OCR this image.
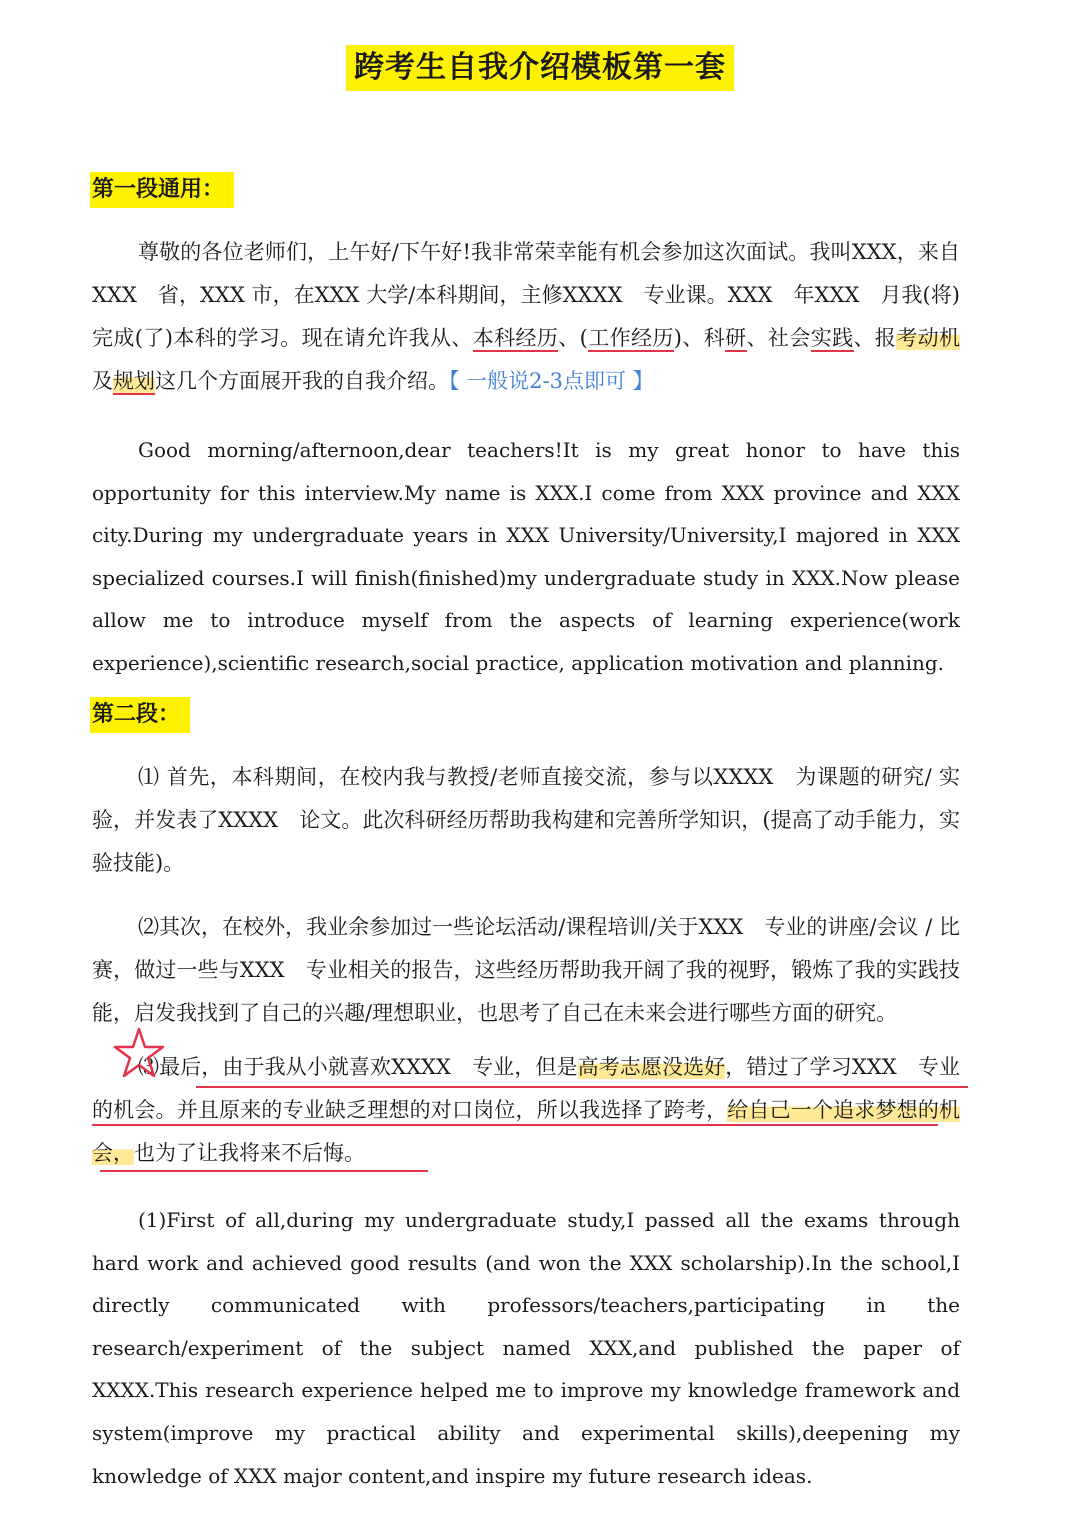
跨考生自我介绍模板第一套
第一段通用：
尊敬的各位老师们，上午好/下午好!我非常荣幸能有机会参加这次面试。我叫XXX，来自XXX　省，XXX 市，在XXX 大学/本科期间，主修XXXX　专业课。XXX　年XXX　月我(将) 完成(了)本科的学习。现在请允许我从、本科经历、(工作经历)、科研、社会实践、报考动机及规划这几个方面展开我的自我介绍。【 一般说2-3点即可 】
Good morning/afternoon,dear teachers!It is my great honor to have this opportunity for this interview.My name is XXX.I come from XXX province and XXX city.During my undergraduate years in XXX University/University,I majored in XXX specialized courses.I will finish(finished)my undergraduate study in XXX.Now please allow me to introduce myself from the aspects of learning experience(work experience),scientific research,social practice, application motivation and planning.
第二段：
⑴ 首先，本科期间，在校内我与教授/老师直接交流，参与以XXXX　为课题的研究/ 实验，并发表了XXXX　论文。此次科研经历帮助我构建和完善所学知识，(提高了动手能力，实验技能)。
⑵其次，在校外，我业余参加过一些论坛活动/课程培训/关于XXX　专业的讲座/会议 / 比赛，做过一些与XXX　专业相关的报告，这些经历帮助我开阔了我的视野，锻炼了我的实践技能，启发我找到了自己的兴趣/理想职业，也思考了自己在未来会进行哪些方面的研究。
⑶最后，由于我从小就喜欢XXXX　专业，但是高考志愿没选好，错过了学习XXX　专业的机会。并且原来的专业缺乏理想的对口岗位，所以我选择了跨考，给自己一个追求梦想的机会，也为了让我将来不后悔。
(1)First of all,during my undergraduate study,I passed all the exams through hard work and achieved good results (and won the XXX scholarship).In the school,I directly communicated with professors/teachers,participating in the research/experiment of the subject named XXX,and published the paper of XXXX.This research experience helped me to improve my knowledge framework and system(improve my practical ability and experimental skills),deepening my knowledge of XXX major content,and inspire my future research ideas.
